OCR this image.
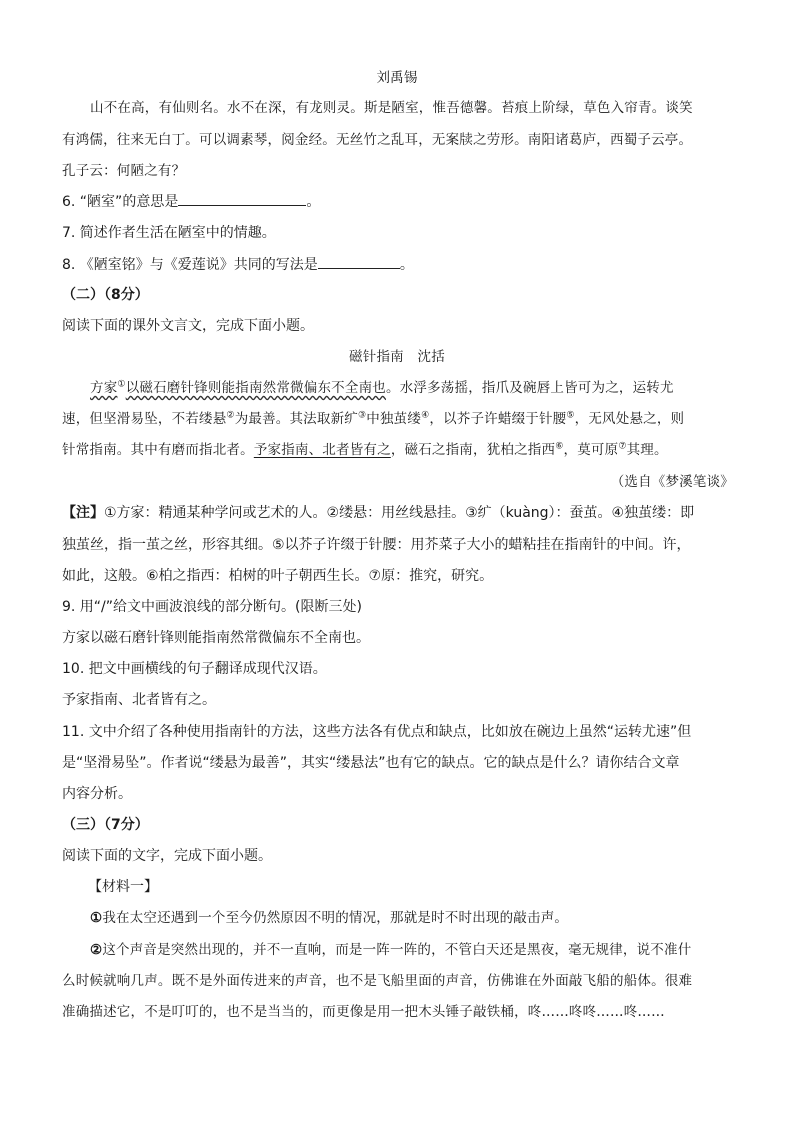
刘禹锡
山不在高，有仙则名。水不在深，有龙则灵。斯是陋室，惟吾德馨。苔痕上阶绿，草色入帘青。谈笑
有鸿儒，往来无白丁。可以调素琴，阅金经。无丝竹之乱耳，无案牍之劳形。南阳诸葛庐，西蜀子云亭。
孔子云：何陋之有？
6. “陋室”的意思是	。
7. 简述作者生活在陋室中的情趣。
8. 《陋室铭》与《爱莲说》共同的写法是	。
（二）（8分）
阅读下面的课外文言文，完成下面小题。
磁针指南　沈括
方家①以磁石磨针锋则能指南然常微偏东不全南也。水浮多荡摇，指爪及碗唇上皆可为之，运转尤
速，但坚滑易坠，不若缕悬②为最善。其法取新纩③中独茧缕④，以芥子许蜡缀于针腰⑤，无风处悬之，则
针常指南。其中有磨而指北者。予家指南、北者皆有之，磁石之指南，犹柏之指西⑥，莫可原⑦其理。
（选自《梦溪笔谈》
【注】①方家：精通某种学问或艺术的人。②缕悬：用丝线悬挂。③纩（kuàng）：蚕茧。④独茧缕：即
独茧丝，指一茧之丝，形容其细。⑤以芥子许缀于针腰：用芥菜子大小的蜡粘挂在指南针的中间。许，
如此，这般。⑥柏之指西：柏树的叶子朝西生长。⑦原：推究，研究。
9. 用“/”给文中画波浪线的部分断句。(限断三处)
方家以磁石磨针锋则能指南然常微偏东不全南也。
10. 把文中画横线的句子翻译成现代汉语。
予家指南、北者皆有之。
11. 文中介绍了各种使用指南针的方法，这些方法各有优点和缺点，比如放在碗边上虽然“运转尤速”但
是“坚滑易坠”。作者说“缕悬为最善”，其实“缕悬法”也有它的缺点。它的缺点是什么？请你结合文章
内容分析。
（三）（7分）
阅读下面的文字，完成下面小题。
【材料一】
①我在太空还遇到一个至今仍然原因不明的情况，那就是时不时出现的敲击声。
②这个声音是突然出现的，并不一直响，而是一阵一阵的，不管白天还是黑夜，毫无规律，说不准什
么时候就响几声。既不是外面传进来的声音，也不是飞船里面的声音，仿佛谁在外面敲飞船的船体。很难
准确描述它，不是叮叮的，也不是当当的，而更像是用一把木头锤子敲铁桶，咚……咚咚……咚……
